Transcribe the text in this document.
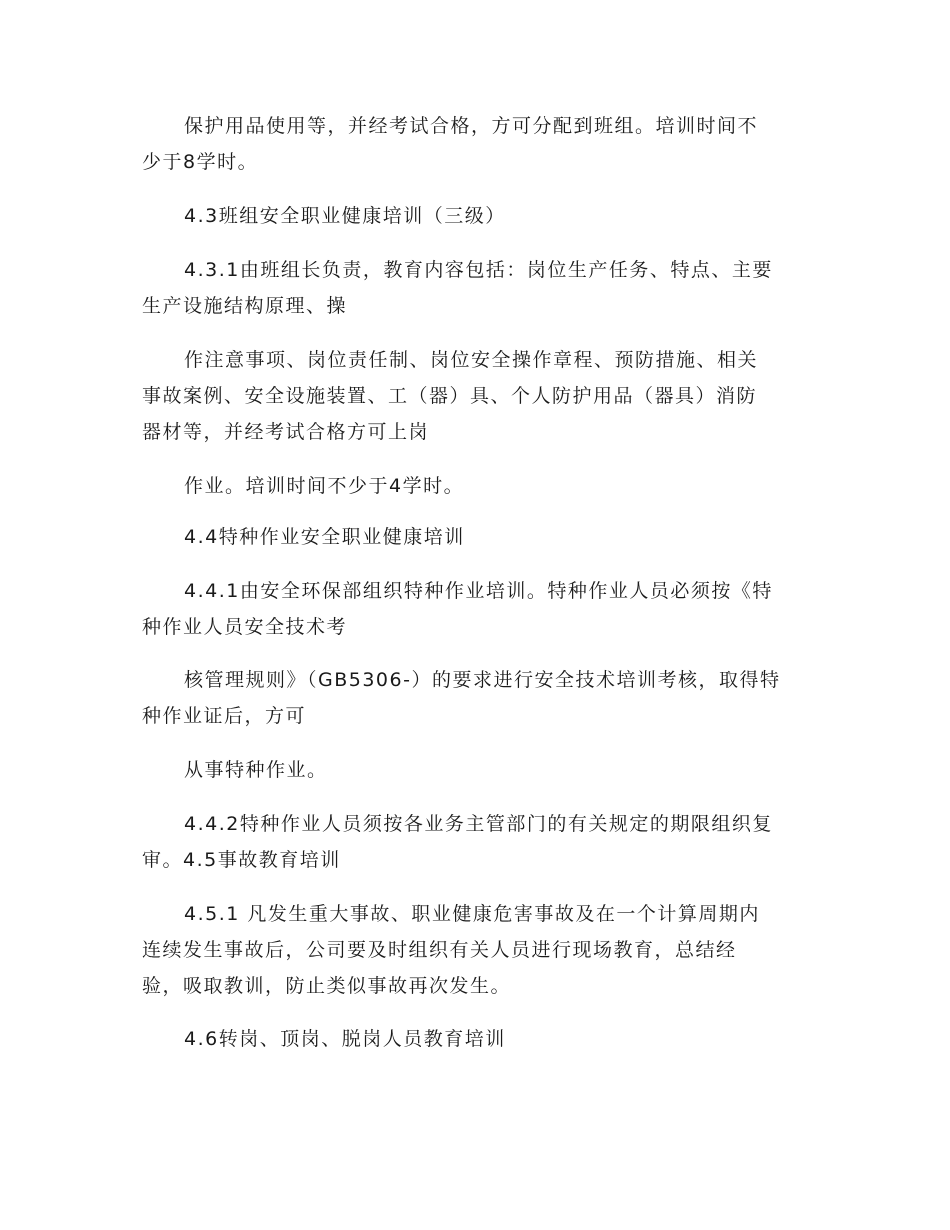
保护用品使用等，并经考试合格，方可分配到班组。培训时间不
少于8学时。

4.3班组安全职业健康培训（三级）

4.3.1由班组长负责，教育内容包括：岗位生产任务、特点、主要
生产设施结构原理、操

作注意事项、岗位责任制、岗位安全操作章程、预防措施、相关
事故案例、安全设施装置、工（器）具、个人防护用品（器具）消防
器材等，并经考试合格方可上岗

作业。培训时间不少于4学时。

4.4特种作业安全职业健康培训

4.4.1由安全环保部组织特种作业培训。特种作业人员必须按《特
种作业人员安全技术考

核管理规则》（GB5306-）的要求进行安全技术培训考核，取得特
种作业证后，方可

从事特种作业。

4.4.2特种作业人员须按各业务主管部门的有关规定的期限组织复
审。4.5事故教育培训

4.5.1 凡发生重大事故、职业健康危害事故及在一个计算周期内
连续发生事故后，公司要及时组织有关人员进行现场教育，总结经
验，吸取教训，防止类似事故再次发生。

4.6转岗、顶岗、脱岗人员教育培训
